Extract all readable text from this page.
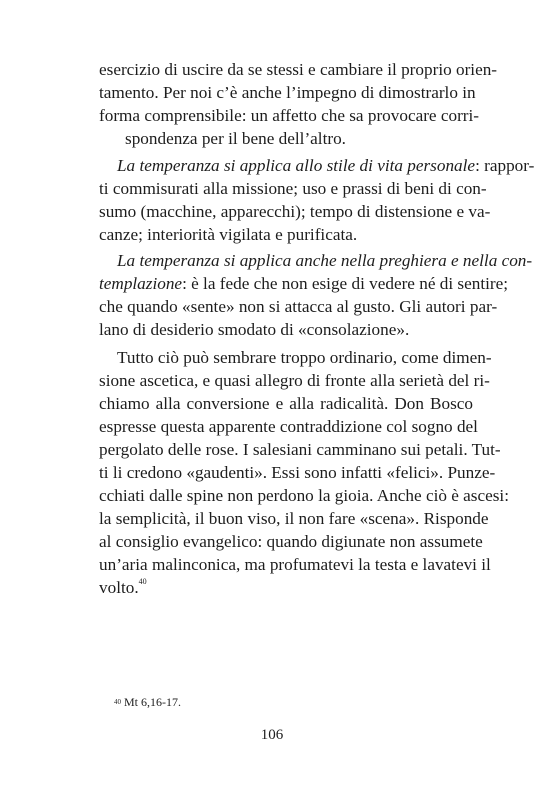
esercizio di uscire da se stessi e cambiare il proprio orien-
tamento. Per noi c’è anche l’impegno di dimostrarlo in
forma comprensibile: un affetto che sa provocare corri-
spondenza per il bene dell’altro.
La temperanza si applica allo stile di vita personale: rappor-
ti commisurati alla missione; uso e prassi di beni di con-
sumo (macchine, apparecchi); tempo di distensione e va-
canze; interiorità vigilata e purificata.
La temperanza si applica anche nella preghiera e nella con-
templazione: è la fede che non esige di vedere né di sentire;
che quando «sente» non si attacca al gusto. Gli autori par-
lano di desiderio smodato di «consolazione».
Tutto ciò può sembrare troppo ordinario, come dimen-
sione ascetica, e quasi allegro di fronte alla serietà del ri-
chiamo alla conversione e alla radicalità. Don Bosco
espresse questa apparente contraddizione col sogno del
pergolato delle rose. I salesiani camminano sui petali. Tut-
ti li credono «gaudenti». Essi sono infatti «felici». Punze-
cchiati dalle spine non perdono la gioia. Anche ciò è ascesi:
la semplicità, il buon viso, il non fare «scena». Risponde
al consiglio evangelico: quando digiunate non assumete
un’aria malinconica, ma profumatevi la testa e lavatevi il
volto.$^{40}$
$^{40}$ Mt 6,16-17.
106
